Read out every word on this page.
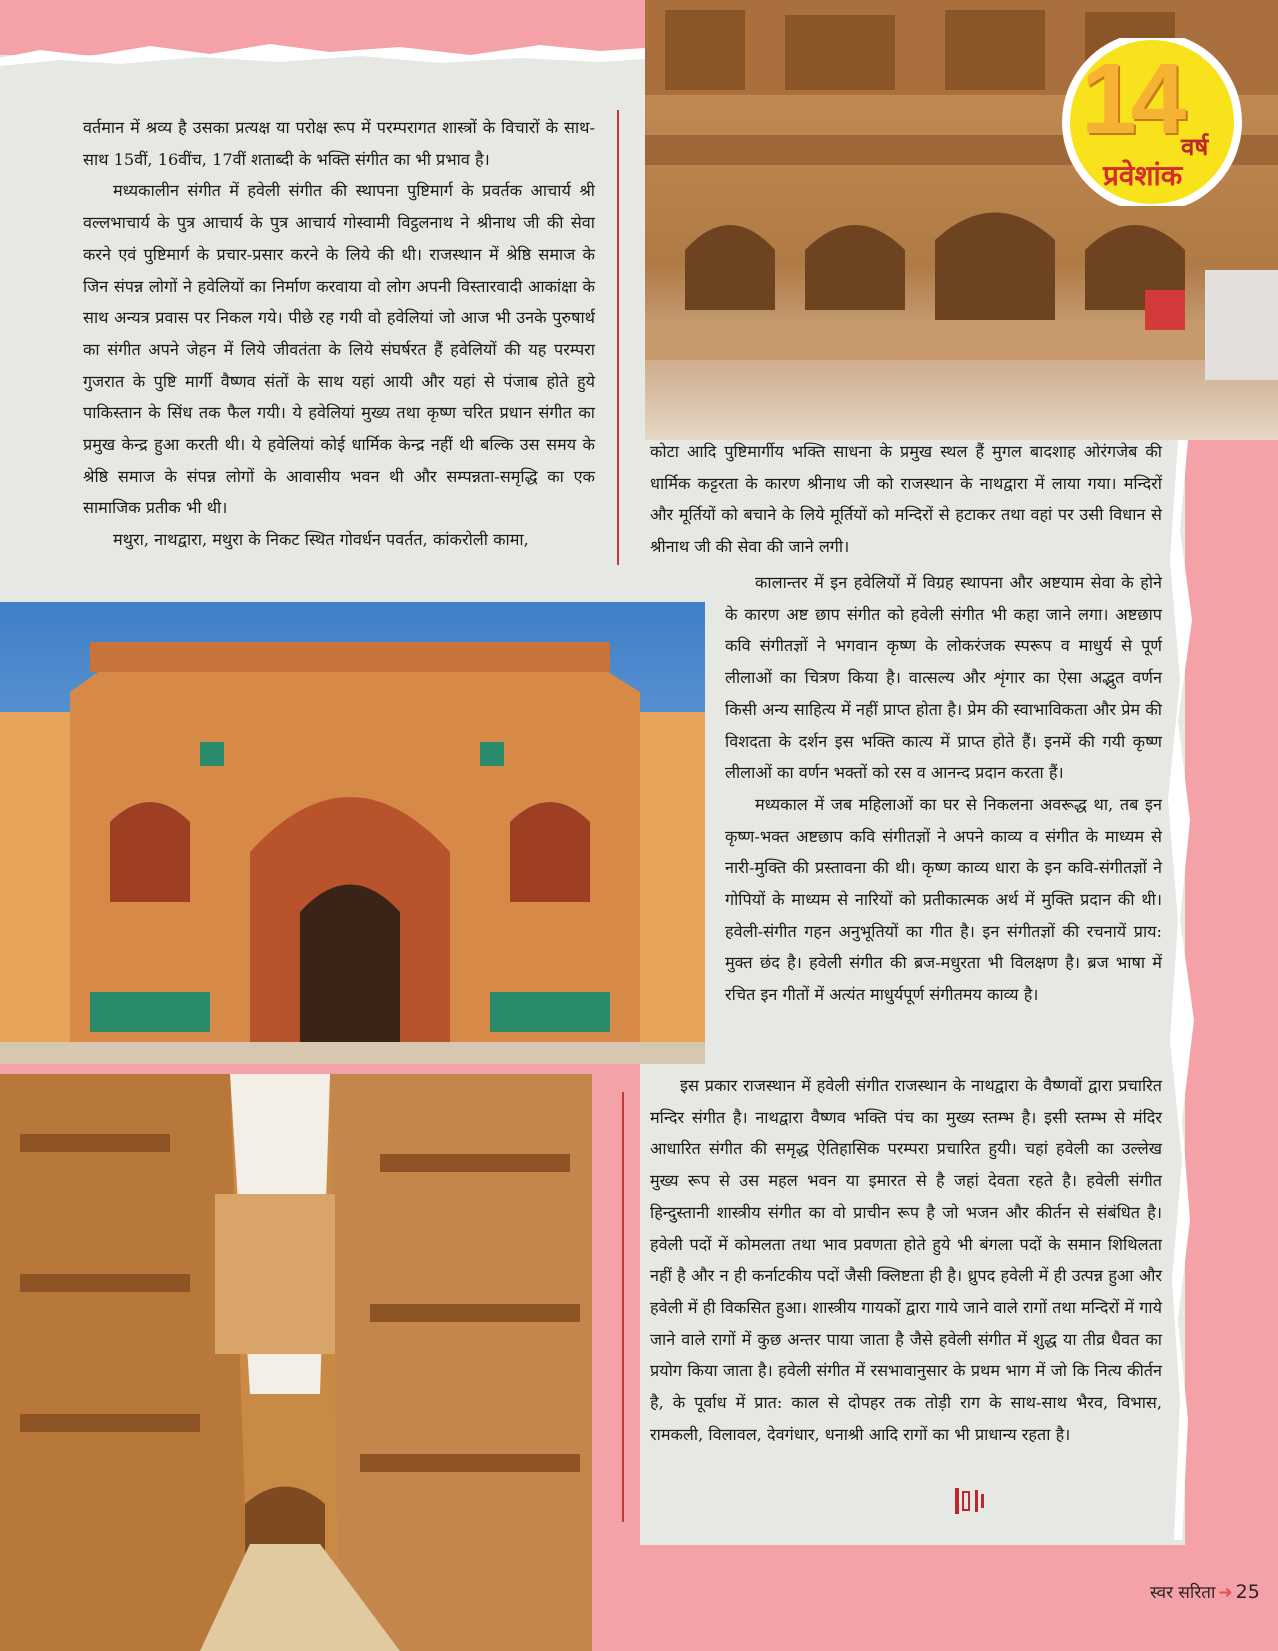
14 वर्ष
प्रवेशांक

वर्तमान में श्रव्य है उसका प्रत्यक्ष या परोक्ष रूप में परम्परागत शास्त्रों के विचारों के साथ-साथ 15वीं, 16वींच, 17वीं शताब्दी के भक्ति संगीत का भी प्रभाव है।

मध्यकालीन संगीत में हवेली संगीत की स्थापना पुष्टिमार्ग के प्रवर्तक आचार्य श्री वल्लभाचार्य के पुत्र आचार्य के पुत्र आचार्य गोस्वामी विट्ठलनाथ ने श्रीनाथ जी की सेवा करने एवं पुष्टिमार्ग के प्रचार-प्रसार करने के लिये की थी। राजस्थान में श्रेष्ठि समाज के जिन संपन्न लोगों ने हवेलियों का निर्माण करवाया वो लोग अपनी विस्तारवादी आकांक्षा के साथ अन्यत्र प्रवास पर निकल गये। पीछे रह गयी वो हवेलियां जो आज भी उनके पुरुषार्थ का संगीत अपने जेहन में लिये जीवतंता के लिये संघर्षरत हैं हवेलियों की यह परम्परा गुजरात के पुष्टि मार्गी वैष्णव संतों के साथ यहां आयी और यहां से पंजाब होते हुये पाकिस्तान के सिंध तक फैल गयी। ये हवेलियां मुख्य तथा कृष्ण चरित प्रधान संगीत का प्रमुख केन्द्र हुआ करती थी। ये हवेलियां कोई धार्मिक केन्द्र नहीं थी बल्कि उस समय के श्रेष्ठि समाज के संपन्न लोगों के आवासीय भवन थी और सम्पन्नता-समृद्धि का एक सामाजिक प्रतीक भी थी।

मथुरा, नाथद्वारा, मथुरा के निकट स्थित गोवर्धन पवर्तत, कांकरोली कामा,

कोटा आदि पुष्टिमार्गीय भक्ति साधना के प्रमुख स्थल हैं मुगल बादशाह ओरंगजेब की धार्मिक कट्टरता के कारण श्रीनाथ जी को राजस्थान के नाथद्वारा में लाया गया। मन्दिरों और मूर्तियों को बचाने के लिये मूर्तियों को मन्दिरों से हटाकर तथा वहां पर उसी विधान से श्रीनाथ जी की सेवा की जाने लगी।

कालान्तर में इन हवेलियों में विग्रह स्थापना और अष्टयाम सेवा के होने के कारण अष्ट छाप संगीत को हवेली संगीत भी कहा जाने लगा। अष्टछाप कवि संगीतज्ञों ने भगवान कृष्ण के लोकरंजक स्परूप व माधुर्य से पूर्ण लीलाओं का चित्रण किया है। वात्सल्य और शृंगार का ऐसा अद्भुत वर्णन किसी अन्य साहित्य में नहीं प्राप्त होता है। प्रेम की स्वाभाविकता और प्रेम की विशदता के दर्शन इस भक्ति कात्य में प्राप्त होते हैं। इनमें की गयी कृष्ण लीलाओं का वर्णन भक्तों को रस व आनन्द प्रदान करता हैं।

मध्यकाल में जब महिलाओं का घर से निकलना अवरूद्ध था, तब इन कृष्ण-भक्त अष्टछाप कवि संगीतज्ञों ने अपने काव्य व संगीत के माध्यम से नारी-मुक्ति की प्रस्तावना की थी। कृष्ण काव्य धारा के इन कवि-संगीतज्ञों ने गोपियों के माध्यम से नारियों को प्रतीकात्मक अर्थ में मुक्ति प्रदान की थी। हवेली-संगीत गहन अनुभूतियों का गीत है। इन संगीतज्ञों की रचनायें प्राय: मुक्त छंद है। हवेली संगीत की ब्रज-मधुरता भी विलक्षण है। ब्रज भाषा में रचित इन गीतों में अत्यंत माधुर्यपूर्ण संगीतमय काव्य है।

इस प्रकार राजस्थान में हवेली संगीत राजस्थान के नाथद्वारा के वैष्णवों द्वारा प्रचारित मन्दिर संगीत है। नाथद्वारा वैष्णव भक्ति पंच का मुख्य स्तम्भ है। इसी स्तम्भ से मंदिर आधारित संगीत की समृद्ध ऐतिहासिक परम्परा प्रचारित हुयी। चहां हवेली का उल्लेख मुख्य रूप से उस महल भवन या इमारत से है जहां देवता रहते है। हवेली संगीत हिन्दुस्तानी शास्त्रीय संगीत का वो प्राचीन रूप है जो भजन और कीर्तन से संबंधित है। हवेली पदों में कोमलता तथा भाव प्रवणता होते हुये भी बंगला पदों के समान शिथिलता नहीं है और न ही कर्नाटकीय पदों जैसी क्लिष्टता ही है। ध्रुपद हवेली में ही उत्पन्न हुआ और हवेली में ही विकसित हुआ। शास्त्रीय गायकों द्वारा गाये जाने वाले रागों तथा मन्दिरों में गाये जाने वाले रागों में कुछ अन्तर पाया जाता है जैसे हवेली संगीत में शुद्ध या तीव्र धैवत का प्रयोग किया जाता है। हवेली संगीत में रसभावानुसार के प्रथम भाग में जो कि नित्य कीर्तन है, के पूर्वाध में प्रात: काल से दोपहर तक तोड़ी राग के साथ-साथ भैरव, विभास, रामकली, विलावल, देवगंधार, धनाश्री आदि रागों का भी प्राधान्य रहता है।

स्वर सरिता ➜ 25
